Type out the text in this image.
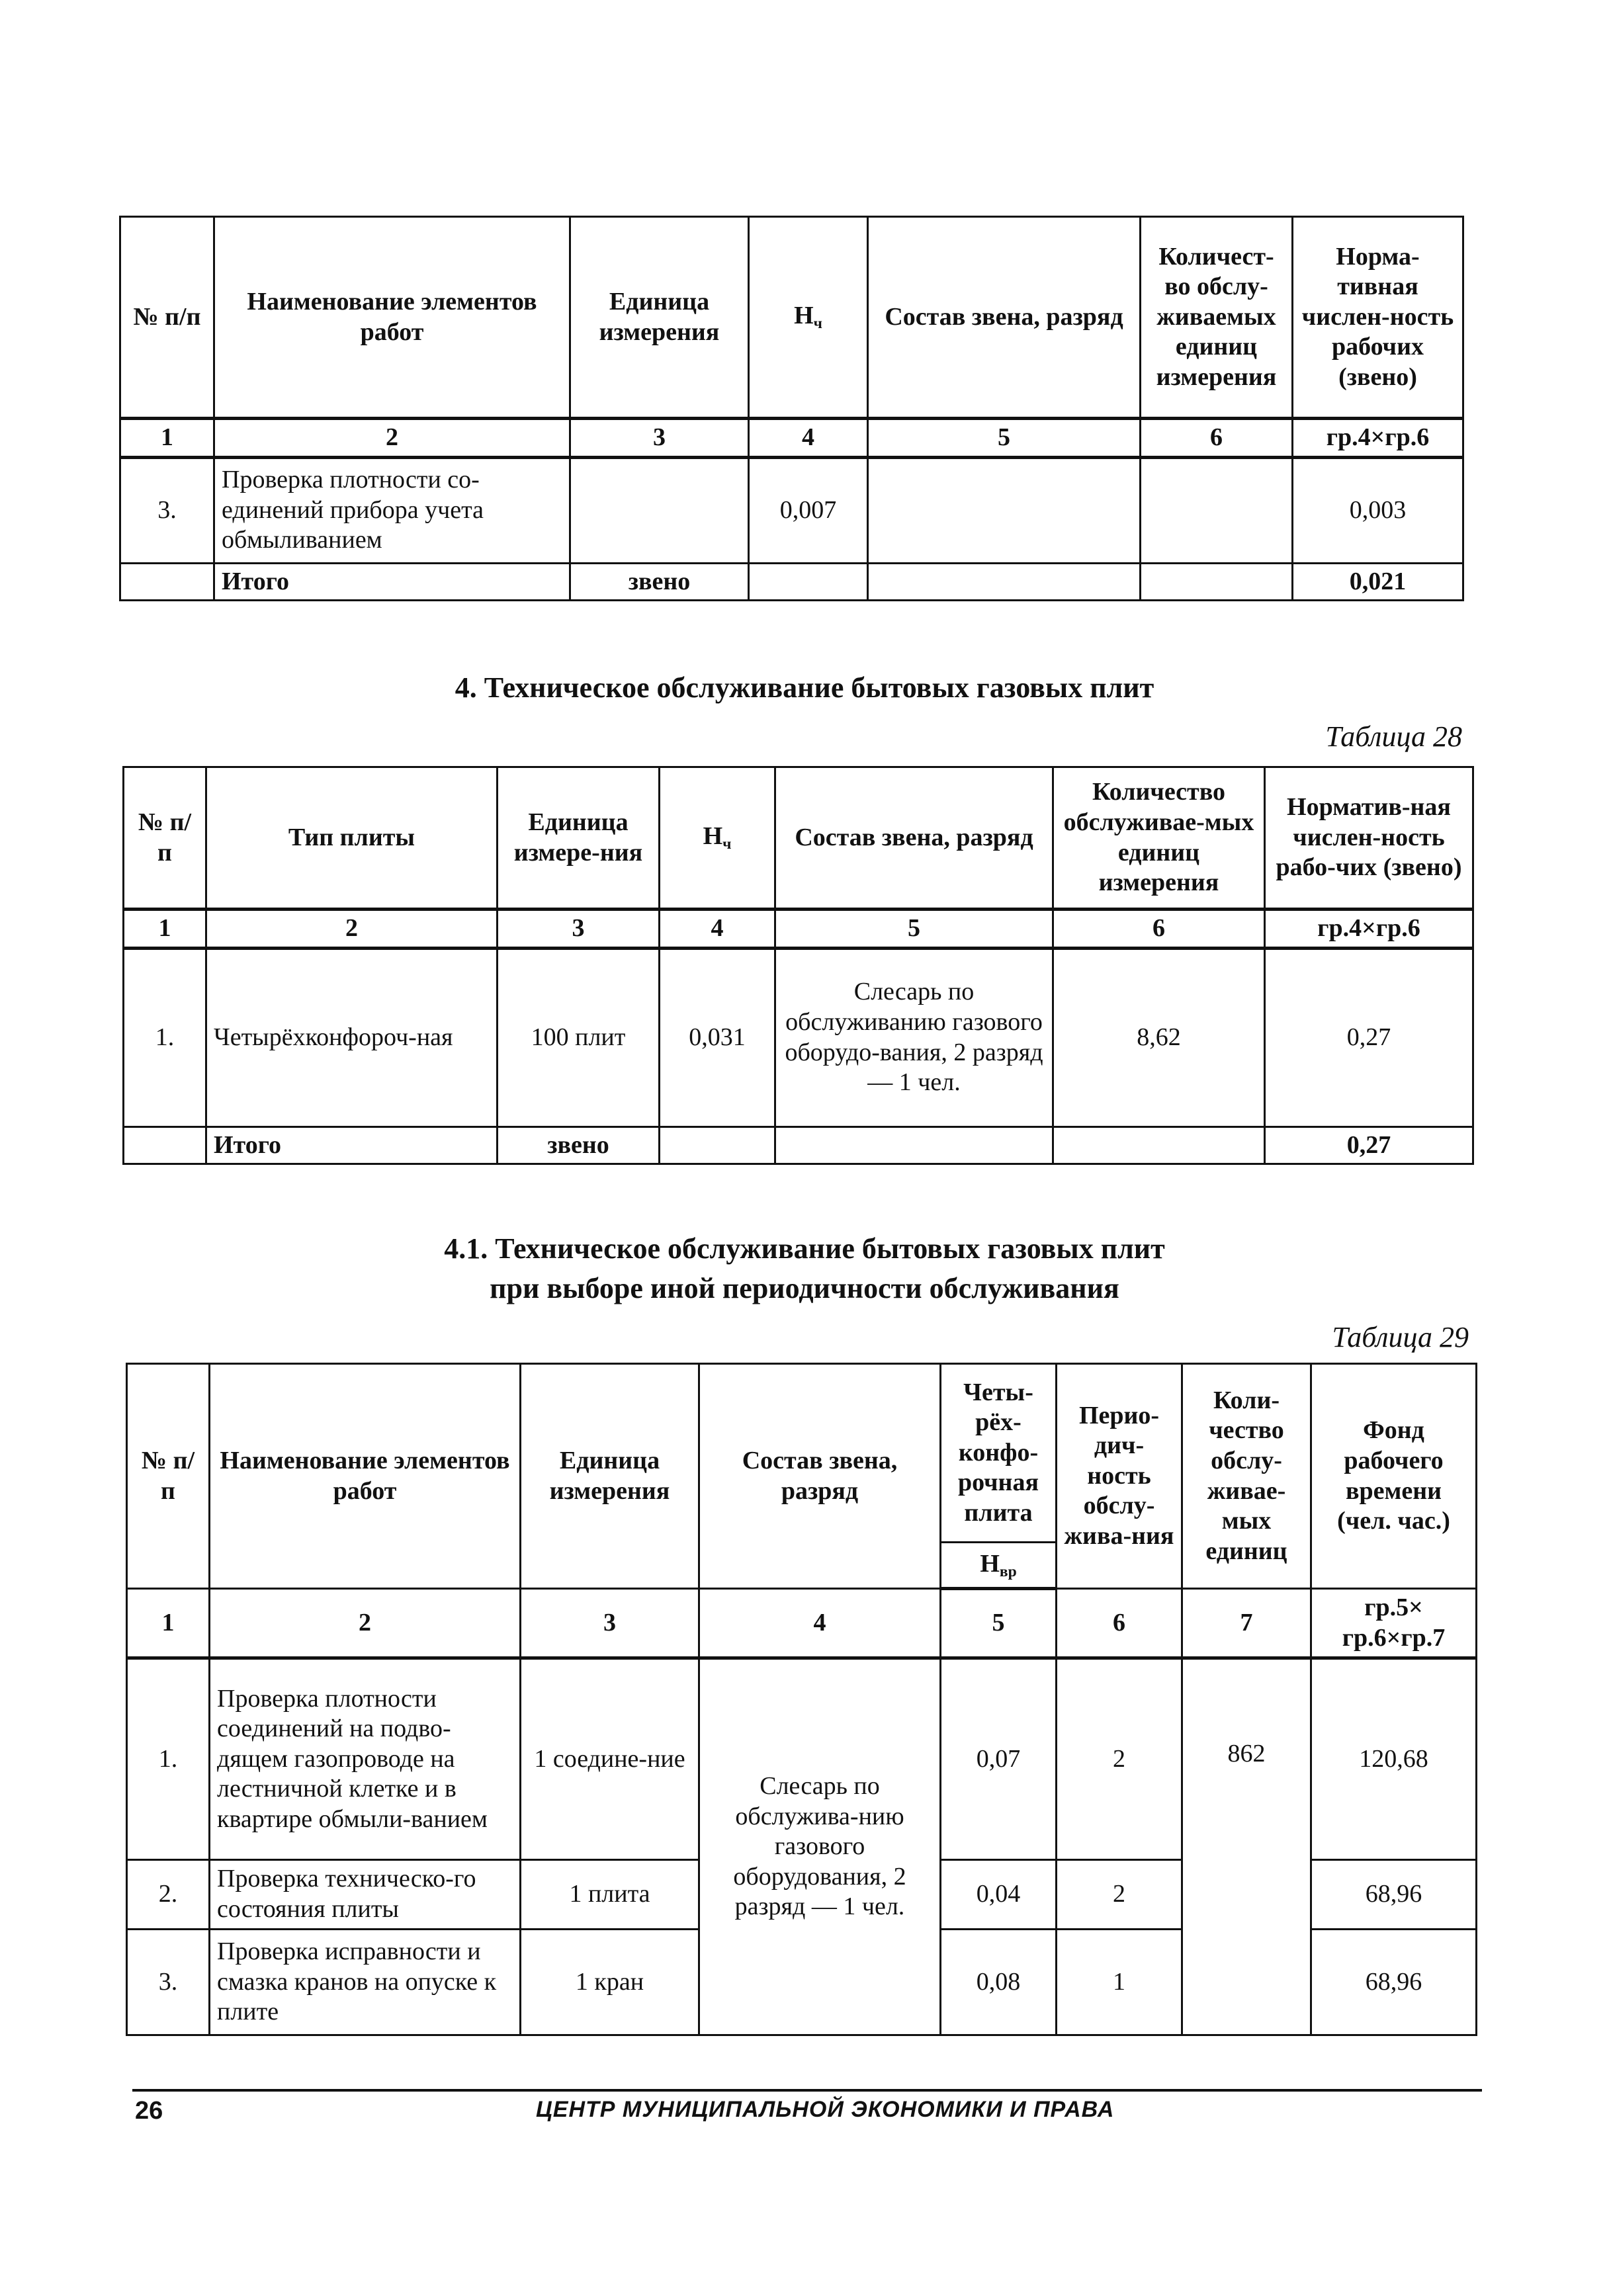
№ п/п	Наименование элементов работ	Единица измерения	$Н_ч$	Состав звена, разряд	Количест-во обслу-живаемых единиц измерения	Норма-тивная числен-ность рабочих (звено)
1	2	3	4	5	6	гр.4×гр.6
3.	Проверка плотности со-единений прибора учета обмыливанием		0,007			0,003
	Итого	звено				0,021
4. Техническое обслуживание бытовых газовых плит
Таблица 28
№ п/п	Тип плиты	Единица измере-ния	$Н_ч$	Состав звена, разряд	Количество обслуживае-мых единиц измерения	Норматив-ная числен-ность рабо-чих (звено)
1	2	3	4	5	6	гр.4×гр.6
1.	Четырёхконфороч-ная	100 плит	0,031	Слесарь по обслуживанию газового оборудо-вания, 2 разряд — 1 чел.	8,62	0,27
	Итого	звено				0,27
4.1. Техническое обслуживание бытовых газовых плит
при выборе иной периодичности обслуживания
Таблица 29
№ п/п	Наименование элементов работ	Единица измерения	Состав звена, разряд	Четы-рёх-конфо-рочная плита	Перио-дич-ность обслу-жива-ния	Коли-чество обслу-живае-мых единиц	Фонд рабочего времени (чел. час.)
				$Н_{вр}$
1	2	3	4	5	6	7	гр.5× гр.6×гр.7
1.	Проверка плотности соединений на подво-дящем газопроводе на лестничной клетке и в квартире обмыли-ванием	1 соедине-ние	Слесарь по обслужива-нию газового оборудования, 2 разряд — 1 чел.	0,07	2	862	120,68
2.	Проверка техническо-го состояния плиты	1 плита		0,04	2		68,96
3.	Проверка исправности и смазка кранов на опуске к плите	1 кран		0,08	1		68,96
26	ЦЕНТР МУНИЦИПАЛЬНОЙ ЭКОНОМИКИ И ПРАВА
